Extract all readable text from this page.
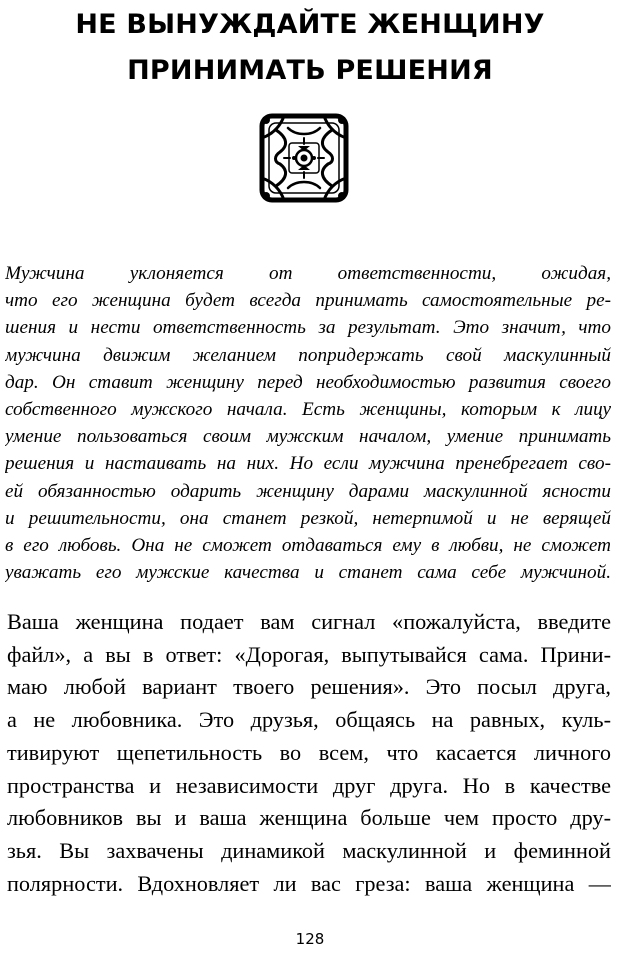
НЕ ВЫНУЖДАЙТЕ ЖЕНЩИНУ
ПРИНИМАТЬ РЕШЕНИЯ
Мужчина уклоняется от ответственности, ожидая,
что его женщина будет всегда принимать самостоятельные ре-
шения и нести ответственность за результат. Это значит, что
мужчина движим желанием попридержать свой маскулинный
дар. Он ставит женщину перед необходимостью развития своего
собственного мужского начала. Есть женщины, которым к лицу
умение пользоваться своим мужским началом, умение принимать
решения и настаивать на них. Но если мужчина пренебрегает сво-
ей обязанностью одарить женщину дарами маскулинной ясности
и решительности, она станет резкой, нетерпимой и не верящей
в его любовь. Она не сможет отдаваться ему в любви, не сможет
уважать его мужские качества и станет сама себе мужчиной.
Ваша женщина подает вам сигнал «пожалуйста, введите
файл», а вы в ответ: «Дорогая, выпутывайся сама. Прини-
маю любой вариант твоего решения». Это посыл друга,
а не любовника. Это друзья, общаясь на равных, куль-
тивируют щепетильность во всем, что касается личного
пространства и независимости друг друга. Но в качестве
любовников вы и ваша женщина больше чем просто дру-
зья. Вы захвачены динамикой маскулинной и феминной
полярности. Вдохновляет ли вас греза: ваша женщина —
128
